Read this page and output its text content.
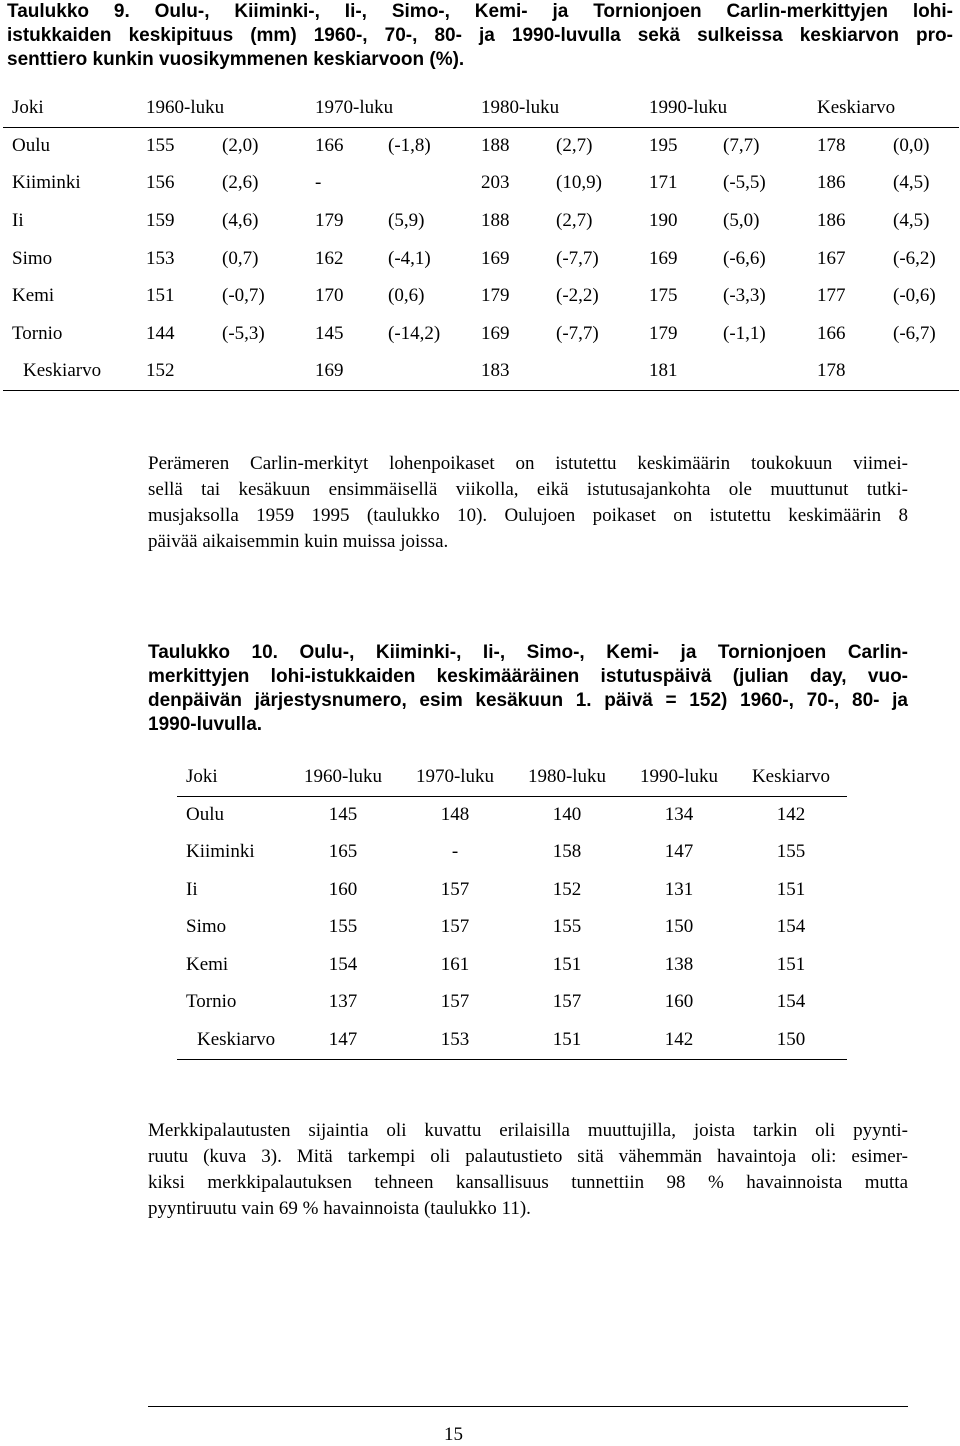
Taulukko 9. Oulu-, Kiiminki-, Ii-, Simo-, Kemi- ja Tornionjoen Carlin-merkittyjen lohi-
istukkaiden keskipituus (mm) 1960-, 70-, 80- ja 1990-luvulla sekä sulkeissa keskiarvon pro-
senttiero kunkin vuosikymmenen keskiarvoon (%).
Joki	1960-luku		1970-luku		1980-luku		1990-luku		Keskiarvo	
Oulu	155	(2,0)	166	(-1,8)	188	(2,7)	195	(7,7)	178	(0,0)
Kiiminki	156	(2,6)	-		203	(10,9)	171	(-5,5)	186	(4,5)
Ii	159	(4,6)	179	(5,9)	188	(2,7)	190	(5,0)	186	(4,5)
Simo	153	(0,7)	162	(-4,1)	169	(-7,7)	169	(-6,6)	167	(-6,2)
Kemi	151	(-0,7)	170	(0,6)	179	(-2,2)	175	(-3,3)	177	(-0,6)
Tornio	144	(-5,3)	145	(-14,2)	169	(-7,7)	179	(-1,1)	166	(-6,7)
Keskiarvo	152		169		183		181		178	
Perämeren Carlin-merkityt lohenpoikaset on istutettu keskimäärin toukokuun viimei-
sellä tai kesäkuun ensimmäisellä viikolla, eikä istutusajankohta ole muuttunut tutki-
musjaksolla 1959 1995 (taulukko 10). Oulujoen poikaset on istutettu keskimäärin 8
päivää aikaisemmin kuin muissa joissa.
Taulukko 10. Oulu-, Kiiminki-, Ii-, Simo-, Kemi- ja Tornionjoen Carlin-
merkittyjen lohi-istukkaiden keskimääräinen istutuspäivä (julian day, vuo-
denpäivän järjestysnumero, esim kesäkuun 1. päivä = 152) 1960-, 70-, 80- ja
1990-luvulla.
Joki	1960-luku	1970-luku	1980-luku	1990-luku	Keskiarvo
Oulu	145	148	140	134	142
Kiiminki	165	-	158	147	155
Ii	160	157	152	131	151
Simo	155	157	155	150	154
Kemi	154	161	151	138	151
Tornio	137	157	157	160	154
Keskiarvo	147	153	151	142	150
Merkkipalautusten sijaintia oli kuvattu erilaisilla muuttujilla, joista tarkin oli pyynti-
ruutu (kuva 3). Mitä tarkempi oli palautustieto sitä vähemmän havaintoja oli: esimer-
kiksi merkkipalautuksen tehneen kansallisuus tunnettiin 98 % havainnoista mutta
pyyntiruutu vain 69 % havainnoista (taulukko 11).
15
